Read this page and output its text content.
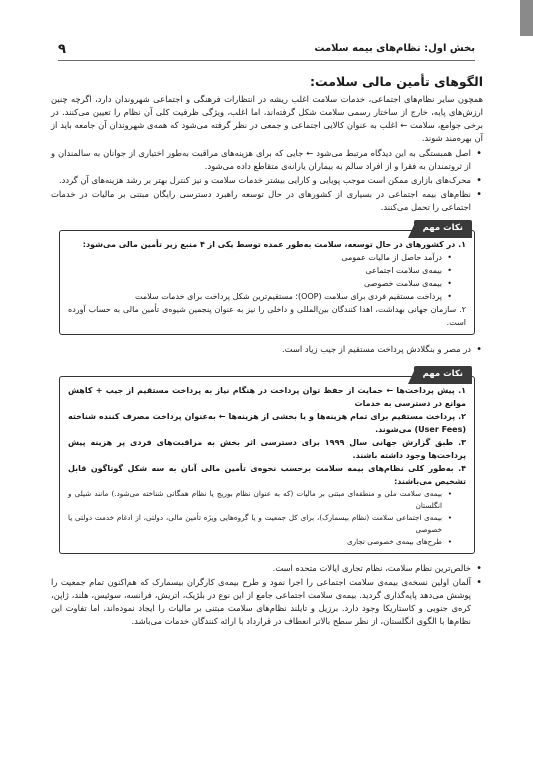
بخش اول: نظام‌های بیمه سلامت
۹
الگوهای تأمین مالی سلامت:

همچون سایر نظام‌های اجتماعی، خدمات سلامت اغلب ریشه در انتظارات فرهنگی و اجتماعی شهروندان دارد، اگرچه چنین ارزش‌های پایه، خارج از ساختار رسمی سلامت شکل گرفته‌اند، اما اغلب، ویژگی ظرفیت کلی آن نظام را تعیین می‌کنند. در برخی جوامع، سلامت ← اغلب به عنوان کالایی اجتماعی و جمعی در نظر گرفته می‌شود که همه‌ی شهروندان آن جامعه باید از آن بهره‌مند شوند.

• اصل همبستگی به این دیدگاه مرتبط می‌شود ← جایی که برای هزینه‌های مراقبت به‌طور اختیاری از جوانان به سالمندان و از ثروتمندان به فقرا و از افراد سالم به بیماران یارانه‌ی متقاطع داده می‌شود.
• محرک‌های بازاری ممکن است موجب پویایی و کارایی بیشتر خدمات سلامت و نیز کنترل بهتر بر رشد هزینه‌های آن گردد.
• نظام‌های بیمه اجتماعی در بسیاری از کشورهای در حال توسعه راهبرد دسترسی رایگان مبتنی بر مالیات در خدمات اجتماعی را تحمل می‌کنند.
نکات مهم

۱. در کشورهای در حال توسعه، سلامت به‌طور عمده توسط یکی از ۴ منبع زیر تأمین مالی می‌شود:

• درآمد حاصل از مالیات عمومی
• بیمه‌ی سلامت اجتماعی
• بیمه‌ی سلامت خصوصی
• پرداخت مستقیم فردی برای سلامت (OOP)؛ مستقیم‌ترین شکل پرداخت برای خدمات سلامت

۲. سازمان جهانی بهداشت، اهدا کنندگان بین‌المللی و داخلی را نیز به عنوان پنجمین شیوه‌ی تأمین مالی به حساب آورده است.

• در مصر و بنگلادش پرداخت مستقیم از جیب زیاد است.
نکات مهم

۱. پیش پرداخت‌ها ← حمایت از حفظ توان پرداخت در هنگام نیاز به پرداخت مستقیم از جیب + کاهش موانع در دسترسی به خدمات

۲. پرداخت مستقیم برای تمام هزینه‌ها و یا بخشی از هزینه‌ها ← به‌عنوان پرداخت مصرف کننده شناخته (User Fees) می‌شوند.

۳. طبق گزارش جهانی سال ۱۹۹۹ برای دسترسی اثر بخش به مراقبت‌های فردی پر هزینه پیش پرداخت‌ها وجود داشته باشند.

۴. به‌طور کلی نظام‌های بیمه سلامت برحسب نحوه‌ی تأمین مالی آنان به سه شکل گوناگون قابل تشخیص می‌باشند:

• بیمه‌ی سلامت ملی و منطقه‌ای مبتنی بر مالیات (که به عنوان نظام بوریج یا نظام همگانی شناخته می‌شود.) مانند شیلی و انگلستان
• بیمه‌ی اجتماعی سلامت (نظام بیسمارک)، برای کل جمعیت و یا گروه‌هایی ویژه تأمین مالی، دولتی، از ادغام خدمت دولتی یا خصوصی
• طرح‌های بیمه‌ی خصوصی تجاری
• خالص‌ترین نظام سلامت، نظام تجاری ایالات متحده است.
• آلمان اولین نسخه‌ی بیمه‌ی سلامت اجتماعی را اجرا نمود و طرح بیمه‌ی کارگران بیسمارک که هم‌اکنون تمام جمعیت را پوشش می‌دهد پایه‌گذاری گردید. بیمه‌ی سلامت اجتماعی جامع از این نوع در بلژیک، اتریش، فرانسه، سوئیس، هلند، ژاپن، کره‌ی جنوبی و کاستاریکا وجود دارد. برزیل و تایلند نظام‌های سلامت مبتنی بر مالیات را ایجاد نموده‌اند، اما تفاوت این نظام‌ها با الگوی انگلستان، از نظر سطح بالاتر انعطاف در قرارداد با ارائه کنندگان خدمات می‌باشد.
